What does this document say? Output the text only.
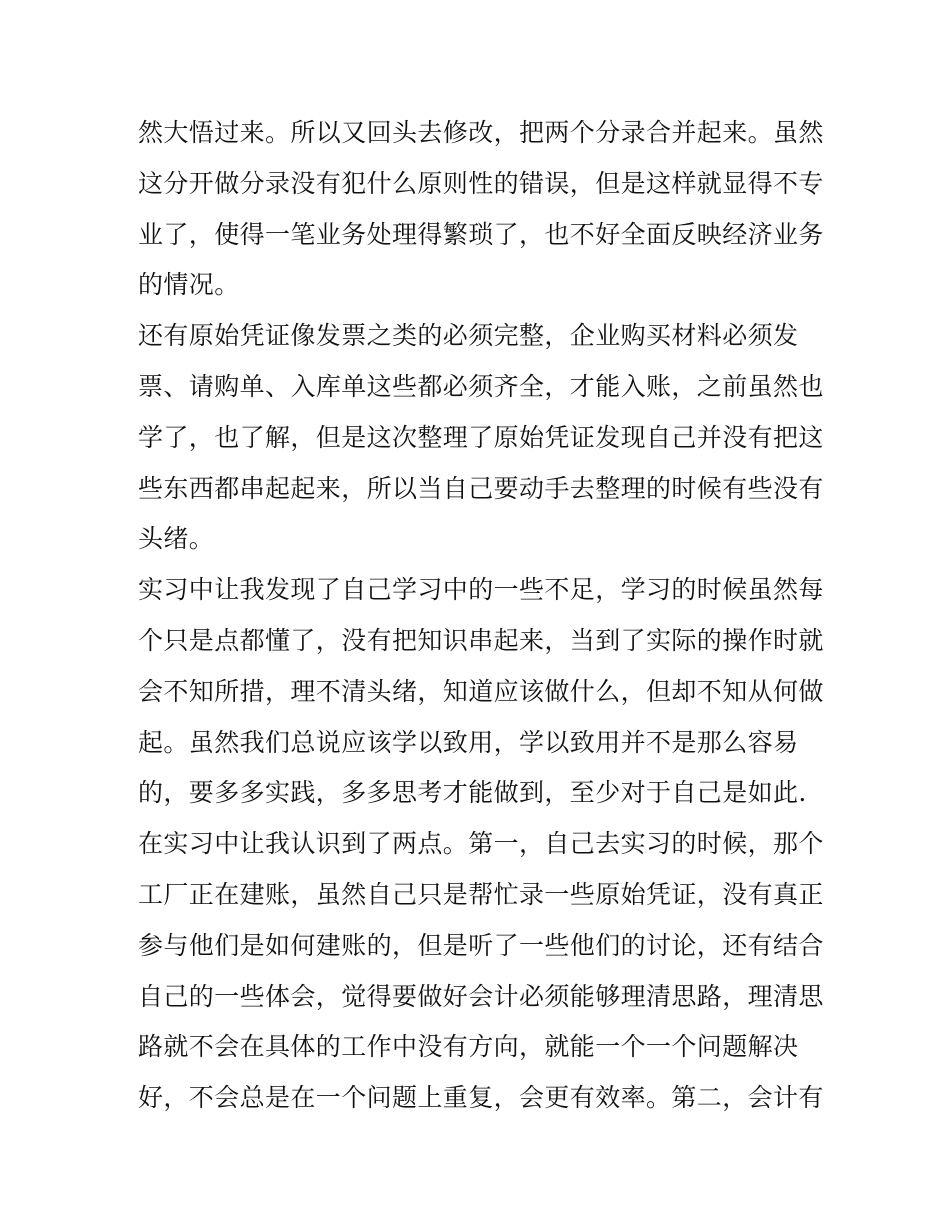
然大悟过来。所以又回头去修改，把两个分录合并起来。虽然
这分开做分录没有犯什么原则性的错误，但是这样就显得不专
业了，使得一笔业务处理得繁琐了，也不好全面反映经济业务
的情况。
还有原始凭证像发票之类的必须完整，企业购买材料必须发
票、请购单、入库单这些都必须齐全，才能入账，之前虽然也
学了，也了解，但是这次整理了原始凭证发现自己并没有把这
些东西都串起起来，所以当自己要动手去整理的时候有些没有
头绪。
实习中让我发现了自己学习中的一些不足，学习的时候虽然每
个只是点都懂了，没有把知识串起来，当到了实际的操作时就
会不知所措，理不清头绪，知道应该做什么，但却不知从何做
起。虽然我们总说应该学以致用，学以致用并不是那么容易
的，要多多实践，多多思考才能做到，至少对于自己是如此.
在实习中让我认识到了两点。第一，自己去实习的时候，那个
工厂正在建账，虽然自己只是帮忙录一些原始凭证，没有真正
参与他们是如何建账的，但是听了一些他们的讨论，还有结合
自己的一些体会，觉得要做好会计必须能够理清思路，理清思
路就不会在具体的工作中没有方向，就能一个一个问题解决
好，不会总是在一个问题上重复，会更有效率。第二，会计有
